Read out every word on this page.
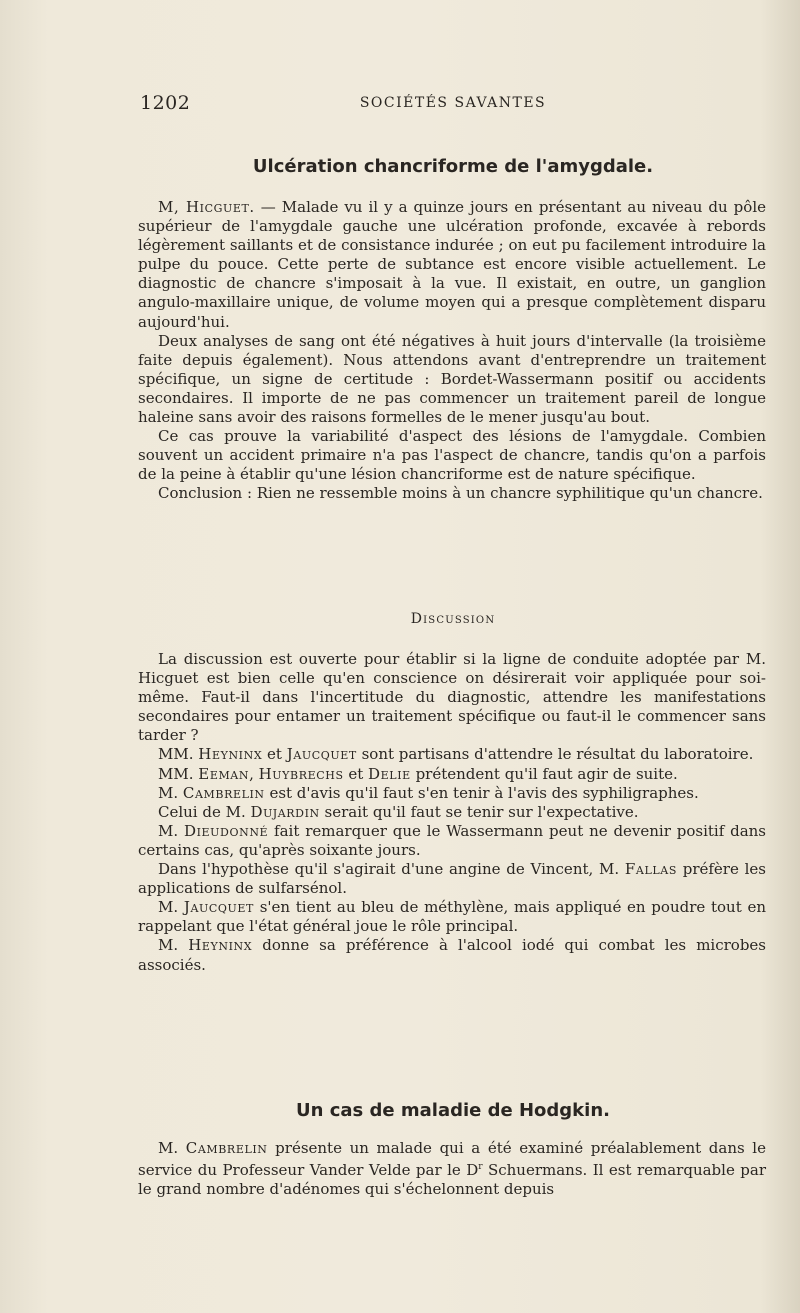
1202	SOCIÉTÉS SAVANTES
Ulcération chancriforme de l'amygdale.

M, Hicguet. — Malade vu il y a quinze jours en présentant au niveau du pôle supérieur de l'amygdale gauche une ulcération profonde, excavée à rebords légèrement saillants et de consistance indurée ; on eut pu facilement introduire la pulpe du pouce. Cette perte de subtance est encore visible actuellement. Le diagnostic de chancre s'imposait à la vue. Il existait, en outre, un ganglion angulo-maxillaire unique, de volume moyen qui a presque complètement disparu aujourd'hui.

Deux analyses de sang ont été négatives à huit jours d'intervalle (la troisième faite depuis également). Nous attendons avant d'entreprendre un traitement spécifique, un signe de certitude : Bordet-Wassermann positif ou accidents secondaires. Il importe de ne pas commencer un traitement pareil de longue haleine sans avoir des raisons formelles de le mener jusqu'au bout.

Ce cas prouve la variabilité d'aspect des lésions de l'amygdale. Combien souvent un accident primaire n'a pas l'aspect de chancre, tandis qu'on a parfois de la peine à établir qu'une lésion chancriforme est de nature spécifique.

Conclusion : Rien ne ressemble moins à un chancre syphilitique qu'un chancre.

Discussion

La discussion est ouverte pour établir si la ligne de conduite adoptée par M. Hicguet est bien celle qu'en conscience on désirerait voir appliquée pour soi-même. Faut-il dans l'incertitude du diagnostic, attendre les manifestations secondaires pour entamer un traitement spécifique ou faut-il le commencer sans tarder ?

MM. Heyninx et Jaucquet sont partisans d'attendre le résultat du laboratoire.

MM. Eeman, Huybrechs et Delie prétendent qu'il faut agir de suite.

M. Cambrelin est d'avis qu'il faut s'en tenir à l'avis des syphiligraphes.

Celui de M. Dujardin serait qu'il faut se tenir sur l'expectative.

M. Dieudonné fait remarquer que le Wassermann peut ne devenir positif dans certains cas, qu'après soixante jours.

Dans l'hypothèse qu'il s'agirait d'une angine de Vincent, M. Fallas préfère les applications de sulfarsénol.

M. Jaucquet s'en tient au bleu de méthylène, mais appliqué en poudre tout en rappelant que l'état général joue le rôle principal.

M. Heyninx donne sa préférence à l'alcool iodé qui combat les microbes associés.

Un cas de maladie de Hodgkin.

M. Cambrelin présente un malade qui a été examiné préalablement dans le service du Professeur Vander Velde par le $D^r$ Schuermans. Il est remarquable par le grand nombre d'adénomes qui s'échelonnent depuis
